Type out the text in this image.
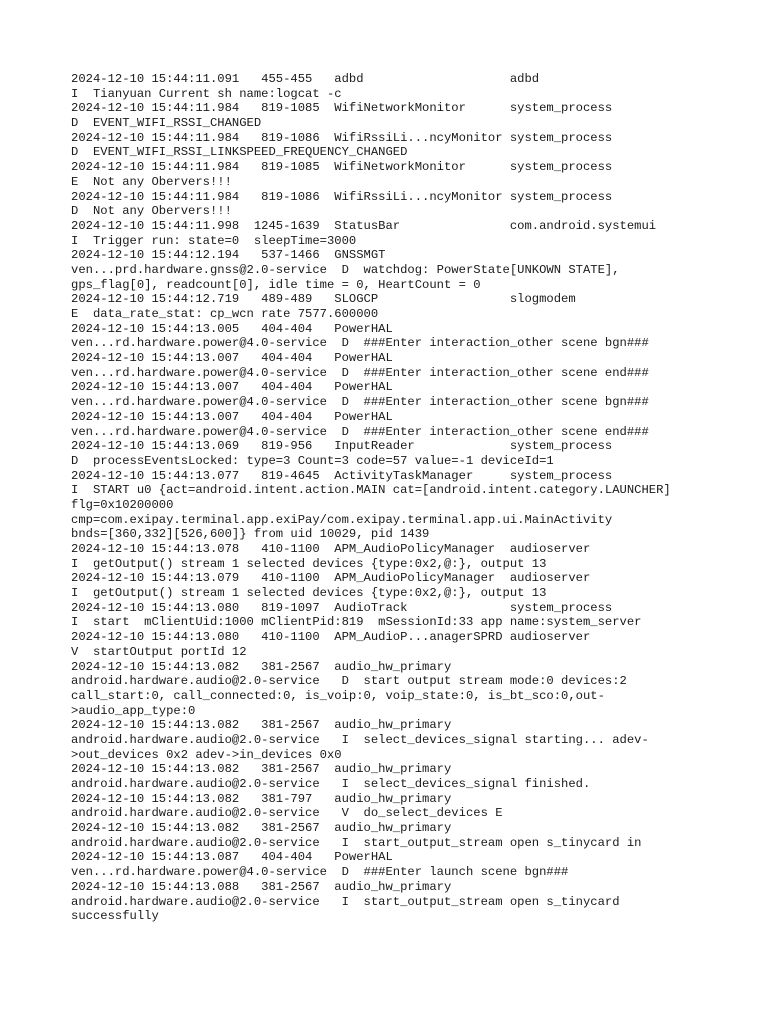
2024-12-10 15:44:11.091   455-455   adbd                    adbd
I  Tianyuan Current sh name:logcat -c
2024-12-10 15:44:11.984   819-1085  WifiNetworkMonitor      system_process
D  EVENT_WIFI_RSSI_CHANGED
2024-12-10 15:44:11.984   819-1086  WifiRssiLi...ncyMonitor system_process
D  EVENT_WIFI_RSSI_LINKSPEED_FREQUENCY_CHANGED
2024-12-10 15:44:11.984   819-1085  WifiNetworkMonitor      system_process
E  Not any Obervers!!!
2024-12-10 15:44:11.984   819-1086  WifiRssiLi...ncyMonitor system_process
D  Not any Obervers!!!
2024-12-10 15:44:11.998  1245-1639  StatusBar               com.android.systemui
I  Trigger run: state=0  sleepTime=3000
2024-12-10 15:44:12.194   537-1466  GNSSMGT
ven...prd.hardware.gnss@2.0-service  D  watchdog: PowerState[UNKOWN STATE],
gps_flag[0], readcount[0], idle time = 0, HeartCount = 0
2024-12-10 15:44:12.719   489-489   SLOGCP                  slogmodem
E  data_rate_stat: cp_wcn rate 7577.600000
2024-12-10 15:44:13.005   404-404   PowerHAL
ven...rd.hardware.power@4.0-service  D  ###Enter interaction_other scene bgn###
2024-12-10 15:44:13.007   404-404   PowerHAL
ven...rd.hardware.power@4.0-service  D  ###Enter interaction_other scene end###
2024-12-10 15:44:13.007   404-404   PowerHAL
ven...rd.hardware.power@4.0-service  D  ###Enter interaction_other scene bgn###
2024-12-10 15:44:13.007   404-404   PowerHAL
ven...rd.hardware.power@4.0-service  D  ###Enter interaction_other scene end###
2024-12-10 15:44:13.069   819-956   InputReader             system_process
D  processEventsLocked: type=3 Count=3 code=57 value=-1 deviceId=1
2024-12-10 15:44:13.077   819-4645  ActivityTaskManager     system_process
I  START u0 {act=android.intent.action.MAIN cat=[android.intent.category.LAUNCHER]
flg=0x10200000
cmp=com.exipay.terminal.app.exiPay/com.exipay.terminal.app.ui.MainActivity
bnds=[360,332][526,600]} from uid 10029, pid 1439
2024-12-10 15:44:13.078   410-1100  APM_AudioPolicyManager  audioserver
I  getOutput() stream 1 selected devices {type:0x2,@:}, output 13
2024-12-10 15:44:13.079   410-1100  APM_AudioPolicyManager  audioserver
I  getOutput() stream 1 selected devices {type:0x2,@:}, output 13
2024-12-10 15:44:13.080   819-1097  AudioTrack              system_process
I  start  mClientUid:1000 mClientPid:819  mSessionId:33 app name:system_server
2024-12-10 15:44:13.080   410-1100  APM_AudioP...anagerSPRD audioserver
V  startOutput portId 12
2024-12-10 15:44:13.082   381-2567  audio_hw_primary
android.hardware.audio@2.0-service   D  start output stream mode:0 devices:2
call_start:0, call_connected:0, is_voip:0, voip_state:0, is_bt_sco:0,out-
>audio_app_type:0
2024-12-10 15:44:13.082   381-2567  audio_hw_primary
android.hardware.audio@2.0-service   I  select_devices_signal starting... adev-
>out_devices 0x2 adev->in_devices 0x0
2024-12-10 15:44:13.082   381-2567  audio_hw_primary
android.hardware.audio@2.0-service   I  select_devices_signal finished.
2024-12-10 15:44:13.082   381-797   audio_hw_primary
android.hardware.audio@2.0-service   V  do_select_devices E
2024-12-10 15:44:13.082   381-2567  audio_hw_primary
android.hardware.audio@2.0-service   I  start_output_stream open s_tinycard in
2024-12-10 15:44:13.087   404-404   PowerHAL
ven...rd.hardware.power@4.0-service  D  ###Enter launch scene bgn###
2024-12-10 15:44:13.088   381-2567  audio_hw_primary
android.hardware.audio@2.0-service   I  start_output_stream open s_tinycard
successfully
